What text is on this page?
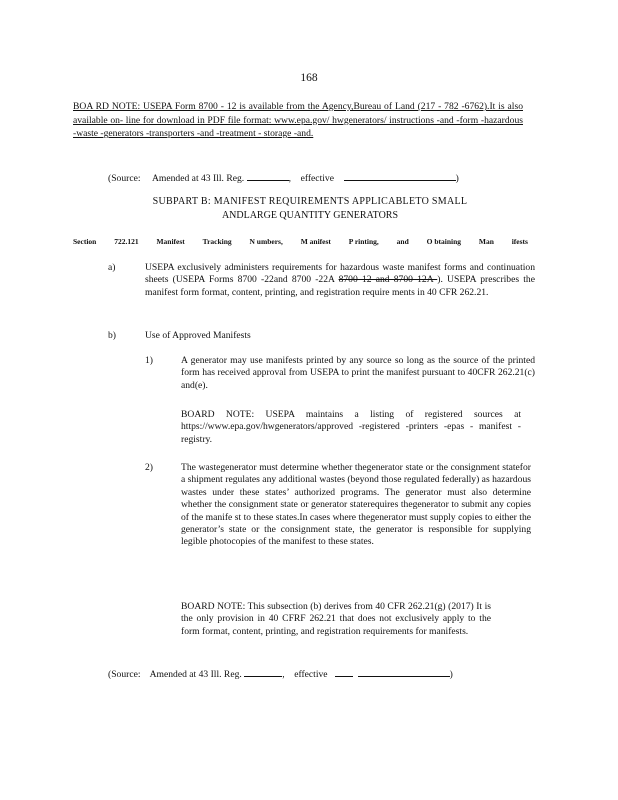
168
BOA RD NOTE: USEPA Form 8700 - 12 is available from the Agency,Bureau of Land (217 - 782 -6762).It is also available on- line for download in PDF file format: www.epa.gov/ hwgenerators/ instructions -and -form -hazardous -waste -generators -transporters -and -treatment - storage -and.
(Source: Amended at 43 Ill. Reg.	,    effective	)
SUBPART B: MANIFEST REQUIREMENTS APPLICABLETO SMALL
ANDLARGE QUANTITY GENERATORS
Section 722.121 Manifest Tracking N umbers, M anifest P rinting, and O btaining Man ifests
a)	USEPA exclusively administers requirements for hazardous waste manifest forms and continuation sheets (USEPA Forms 8700 -22and 8700 -22A 8700 12 and 8700 12A ). USEPA prescribes the manifest form format, content, printing, and registration require ments in 40 CFR 262.21.
b)	Use of Approved Manifests
1)	A generator may use manifests printed by any source so long as the source of the printed form has received approval from USEPA to print the manifest pursuant to 40CFR 262.21(c) and(e).
BOARD NOTE: USEPA maintains a listing of registered sources at https://www.epa.gov/hwgenerators/approved -registered -printers -epas - manifest -registry.
2)	The wastegenerator must determine whether thegenerator state or the consignment statefor a shipment regulates any additional wastes (beyond those regulated federally) as hazardous wastes under these states’ authorized programs. The generator must also determine whether the consignment state or generator staterequires thegenerator to submit any copies of the manife st to these states.In cases where thegenerator must supply copies to either the generator’s state or the consignment state, the generator is responsible for supplying legible photocopies of the manifest to these states.
BOARD NOTE: This subsection (b) derives from 40 CFR 262.21(g) (2017) It is the only provision in 40 CFRF 262.21 that does not exclusively apply to the form format, content, printing, and registration requirements for manifests.
(Source: Amended at 43 Ill. Reg.	,    effective	)
